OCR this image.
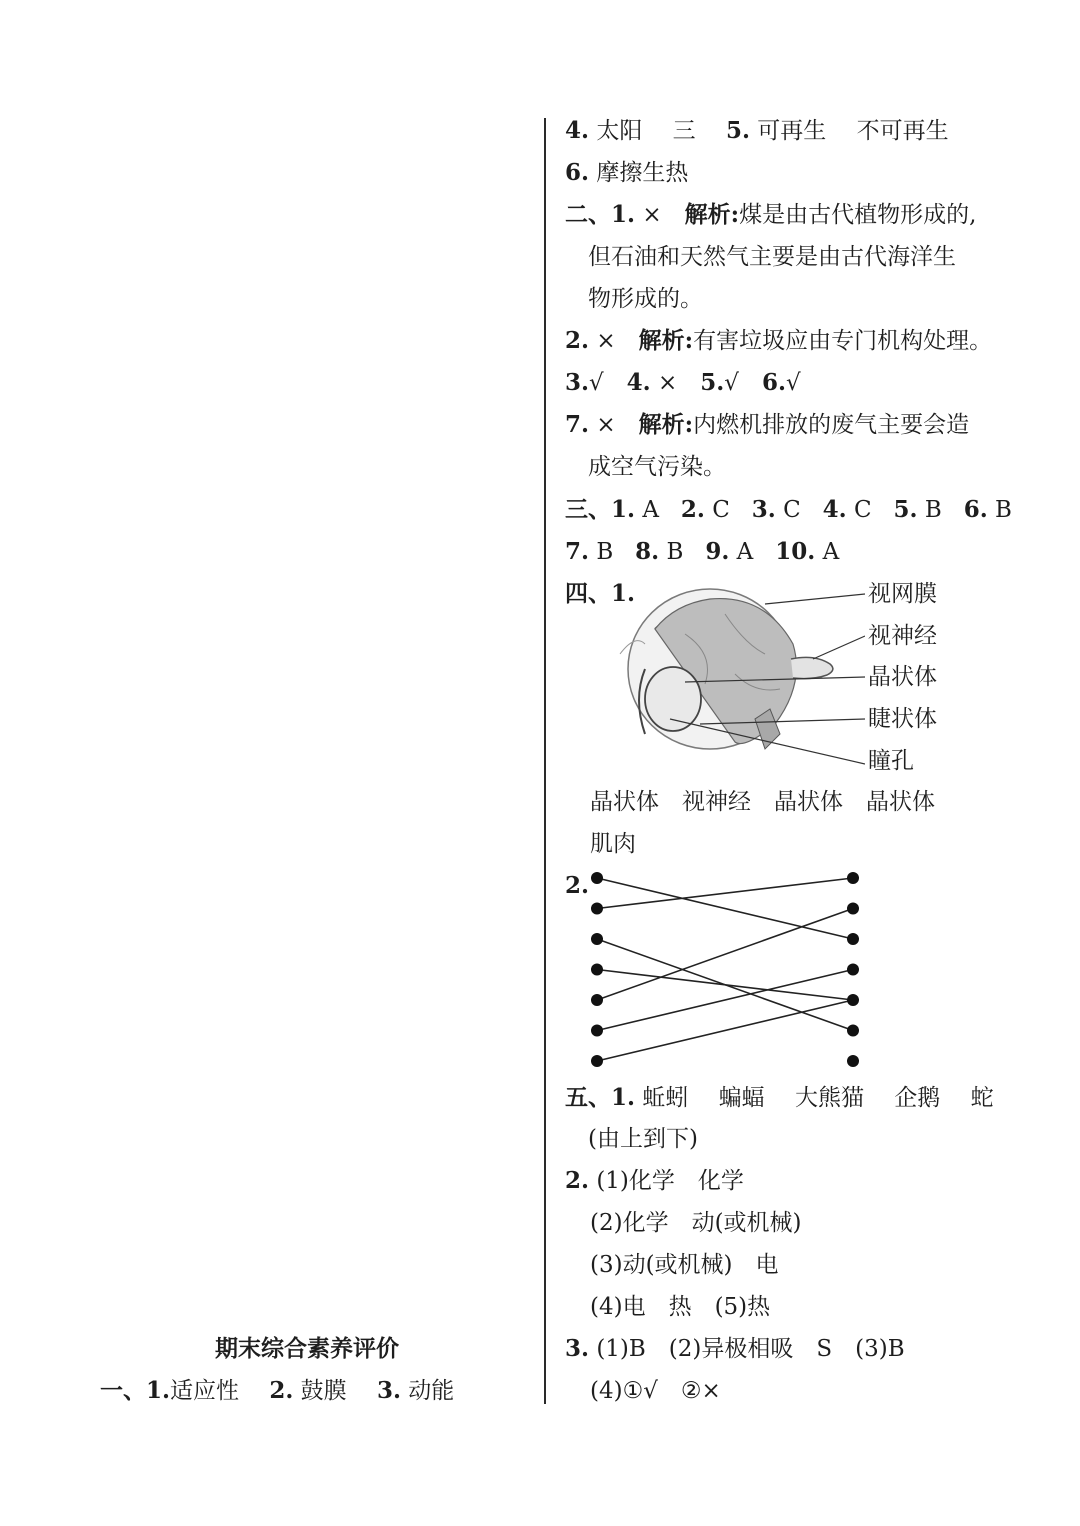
期末综合素养评价
一、1.适应性　 2. 鼓膜　 3. 动能
4. 太阳　 三　 5. 可再生　 不可再生
6. 摩擦生热
二、1. ×　 解析:煤是由古代植物形成的,
但石油和天然气主要是由古代海洋生
物形成的。
2. ×　 解析:有害垃圾应由专门机构处理。
3.√　 4. ×　 5.√　 6.√
7. ×　 解析:内燃机排放的废气主要会造
成空气污染。
三、1. A 2. C 3. C 4. C 5. B 6. B
7. B 8. B 9. A 10. A
四、1.	视网膜
视神经
晶状体
睫状体
瞳孔
晶状体　 视神经　 晶状体　 晶状体
肌肉
2.
五、1. 蚯蚓　 蝙蝠　 大熊猫　 企鹅　 蛇
(由上到下)
2. (1)化学　化学
(2)化学　动(或机械)
(3)动(或机械)　电
(4)电　热　(5)热
3. (1)B　(2)异极相吸　S　(3)B
(4)①√　②×
